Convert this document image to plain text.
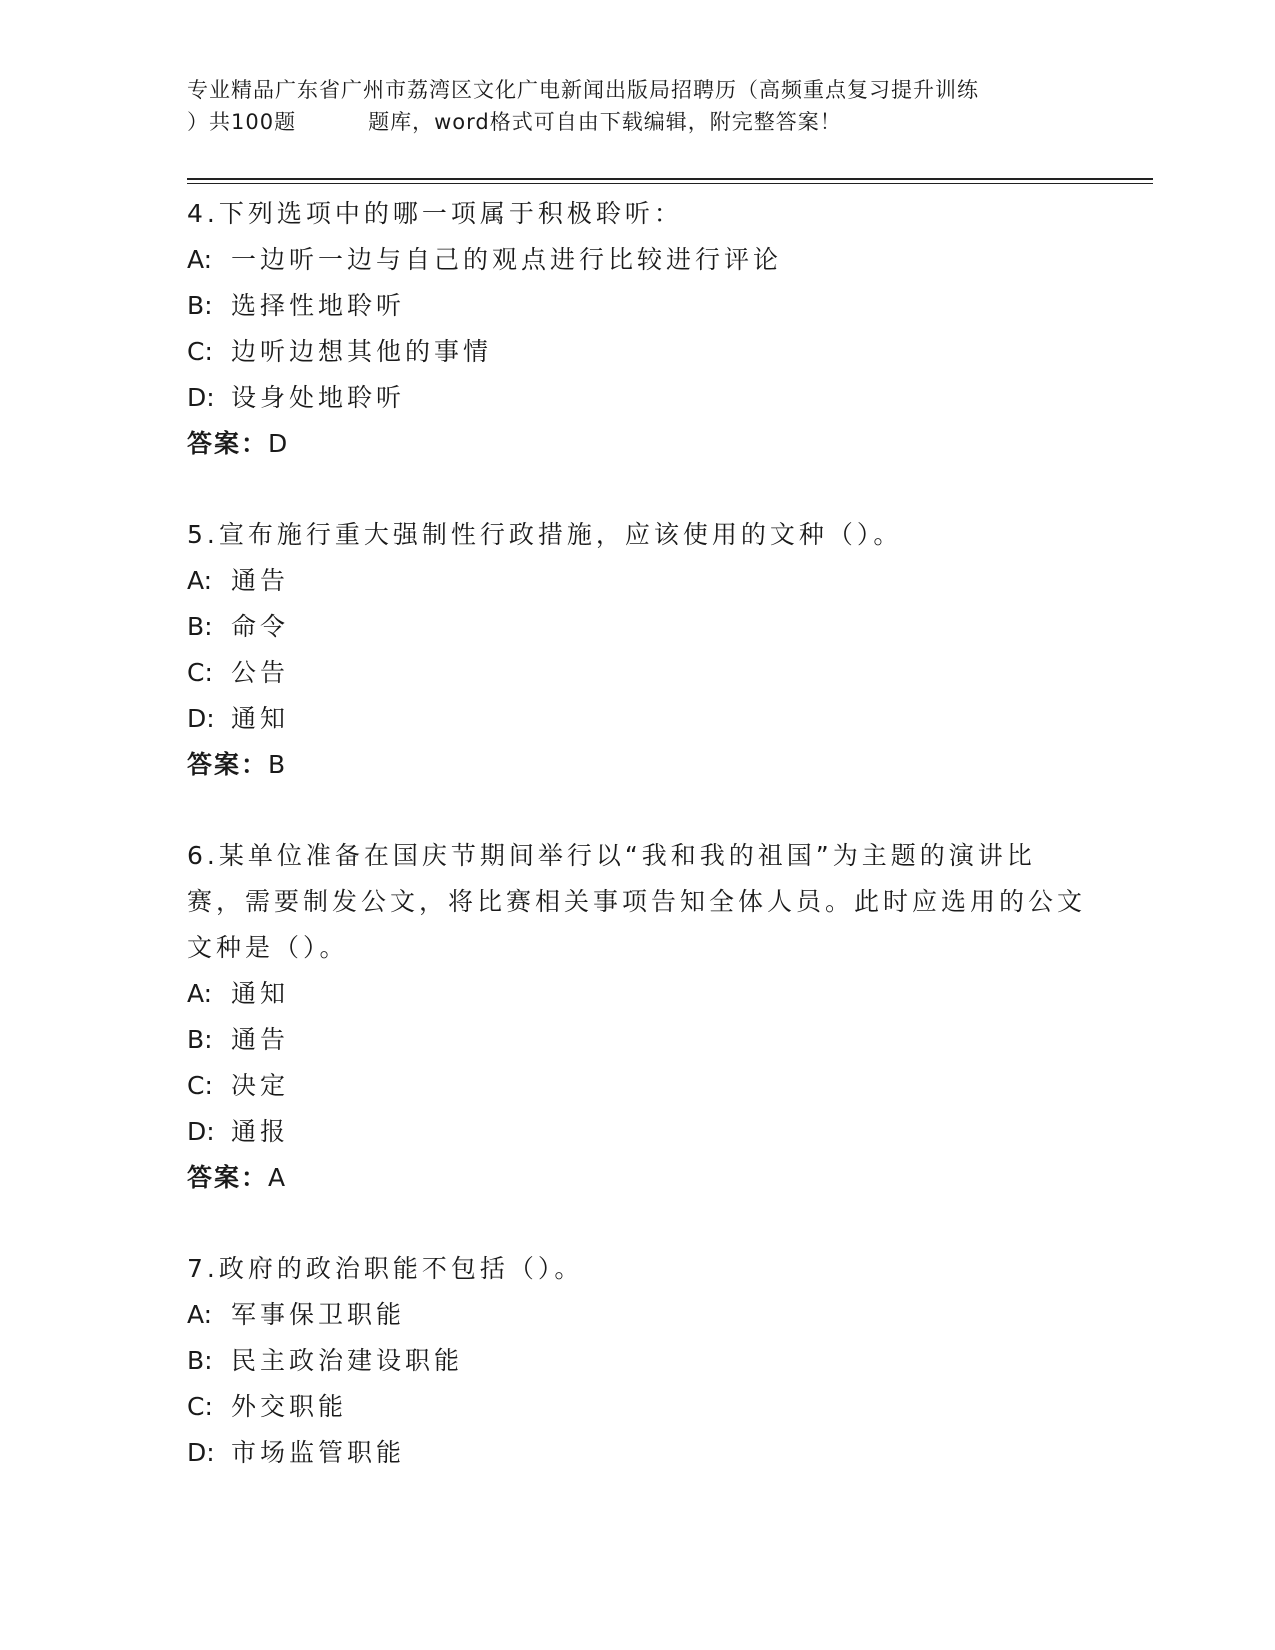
专业精品广东省广州市荔湾区文化广电新闻出版局招聘历（高频重点复习提升训练
）共100题	题库，word格式可自由下载编辑，附完整答案！

4.下列选项中的哪一项属于积极聆听：

A: 一边听一边与自己的观点进行比较进行评论
B: 选择性地聆听
C: 边听边想其他的事情
D: 设身处地聆听
答案：D

5.宣布施行重大强制性行政措施，应该使用的文种（）。

A: 通告
B: 命令
C: 公告
D: 通知
答案：B

6.某单位准备在国庆节期间举行以“我和我的祖国”为主题的演讲比赛，需要制发公文，将比赛相关事项告知全体人员。此时应选用的公文文种是（）。

A: 通知
B: 通告
C: 决定
D: 通报
答案：A

7.政府的政治职能不包括（）。

A: 军事保卫职能
B: 民主政治建设职能
C: 外交职能
D: 市场监管职能
